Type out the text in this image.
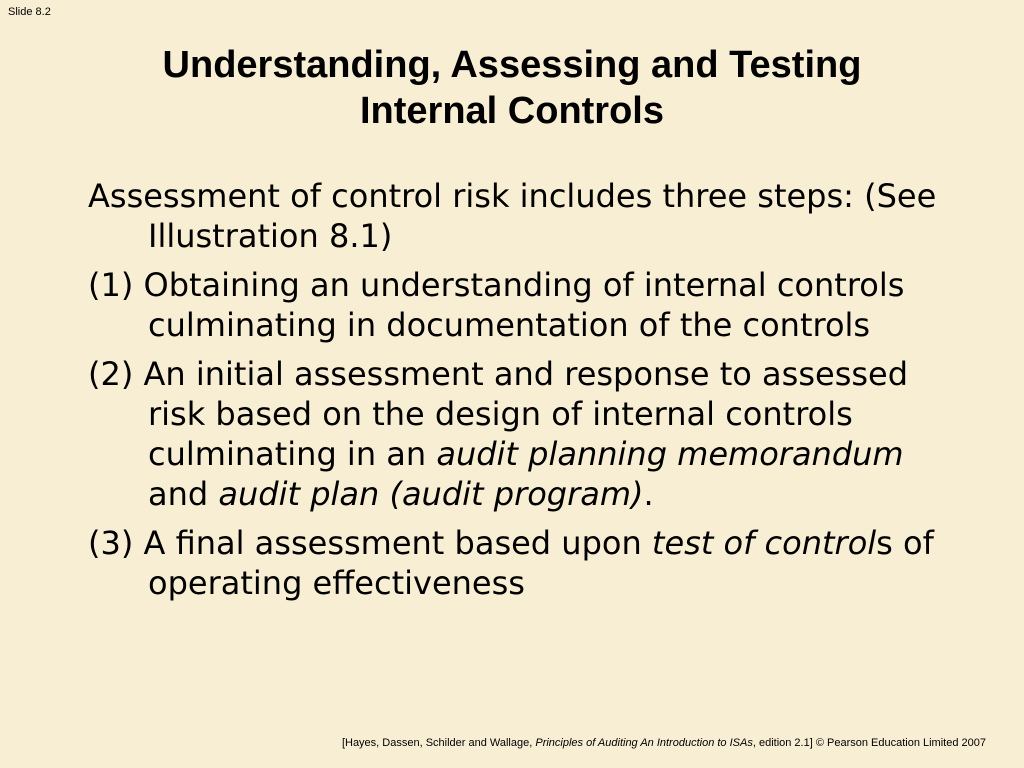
Slide 8.2
Understanding, Assessing and Testing
Internal Controls
Assessment of control risk includes three steps: (See Illustration 8.1)
(1) Obtaining an understanding of internal controls culminating in documentation of the controls
(2) An initial assessment and response to assessed risk based on the design of internal controls culminating in an audit planning memorandum and audit plan (audit program).
(3) A final assessment based upon test of controls of operating effectiveness
[Hayes, Dassen, Schilder and Wallage, Principles of Auditing An Introduction to ISAs, edition 2.1] © Pearson Education Limited 2007
